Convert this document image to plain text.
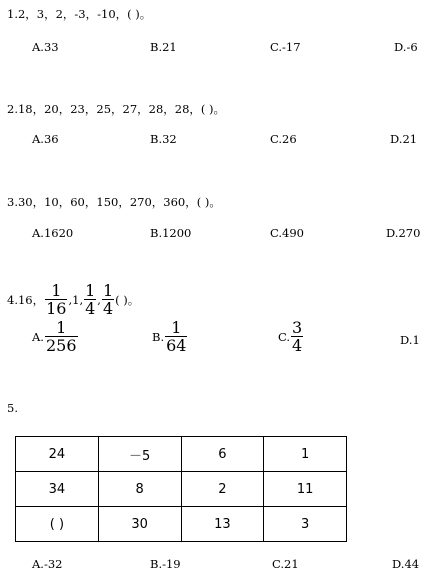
1.2，3，2，-3，-10，( )。
A.33	B.21	C.-17	D.-6
2.18，20，23，25，27，28，28，( )。
A.36	B.32	C.26	D.21
3.30，10，60，150，270，360，( )。
A.1620	B.1200	C.490	D.270
4.16， $\frac{1}{16} ,1$, $\frac{1}{4}$ , $\frac{1}{4}$ ( )。
A. $\frac{1}{256}$	B. $\frac{1}{64}$	C. $\frac{3}{4}$	D.1
5.
24	－5	6	1
34	8	2	11
( )	30	13	3
A.-32	B.-19	C.21	D.44
